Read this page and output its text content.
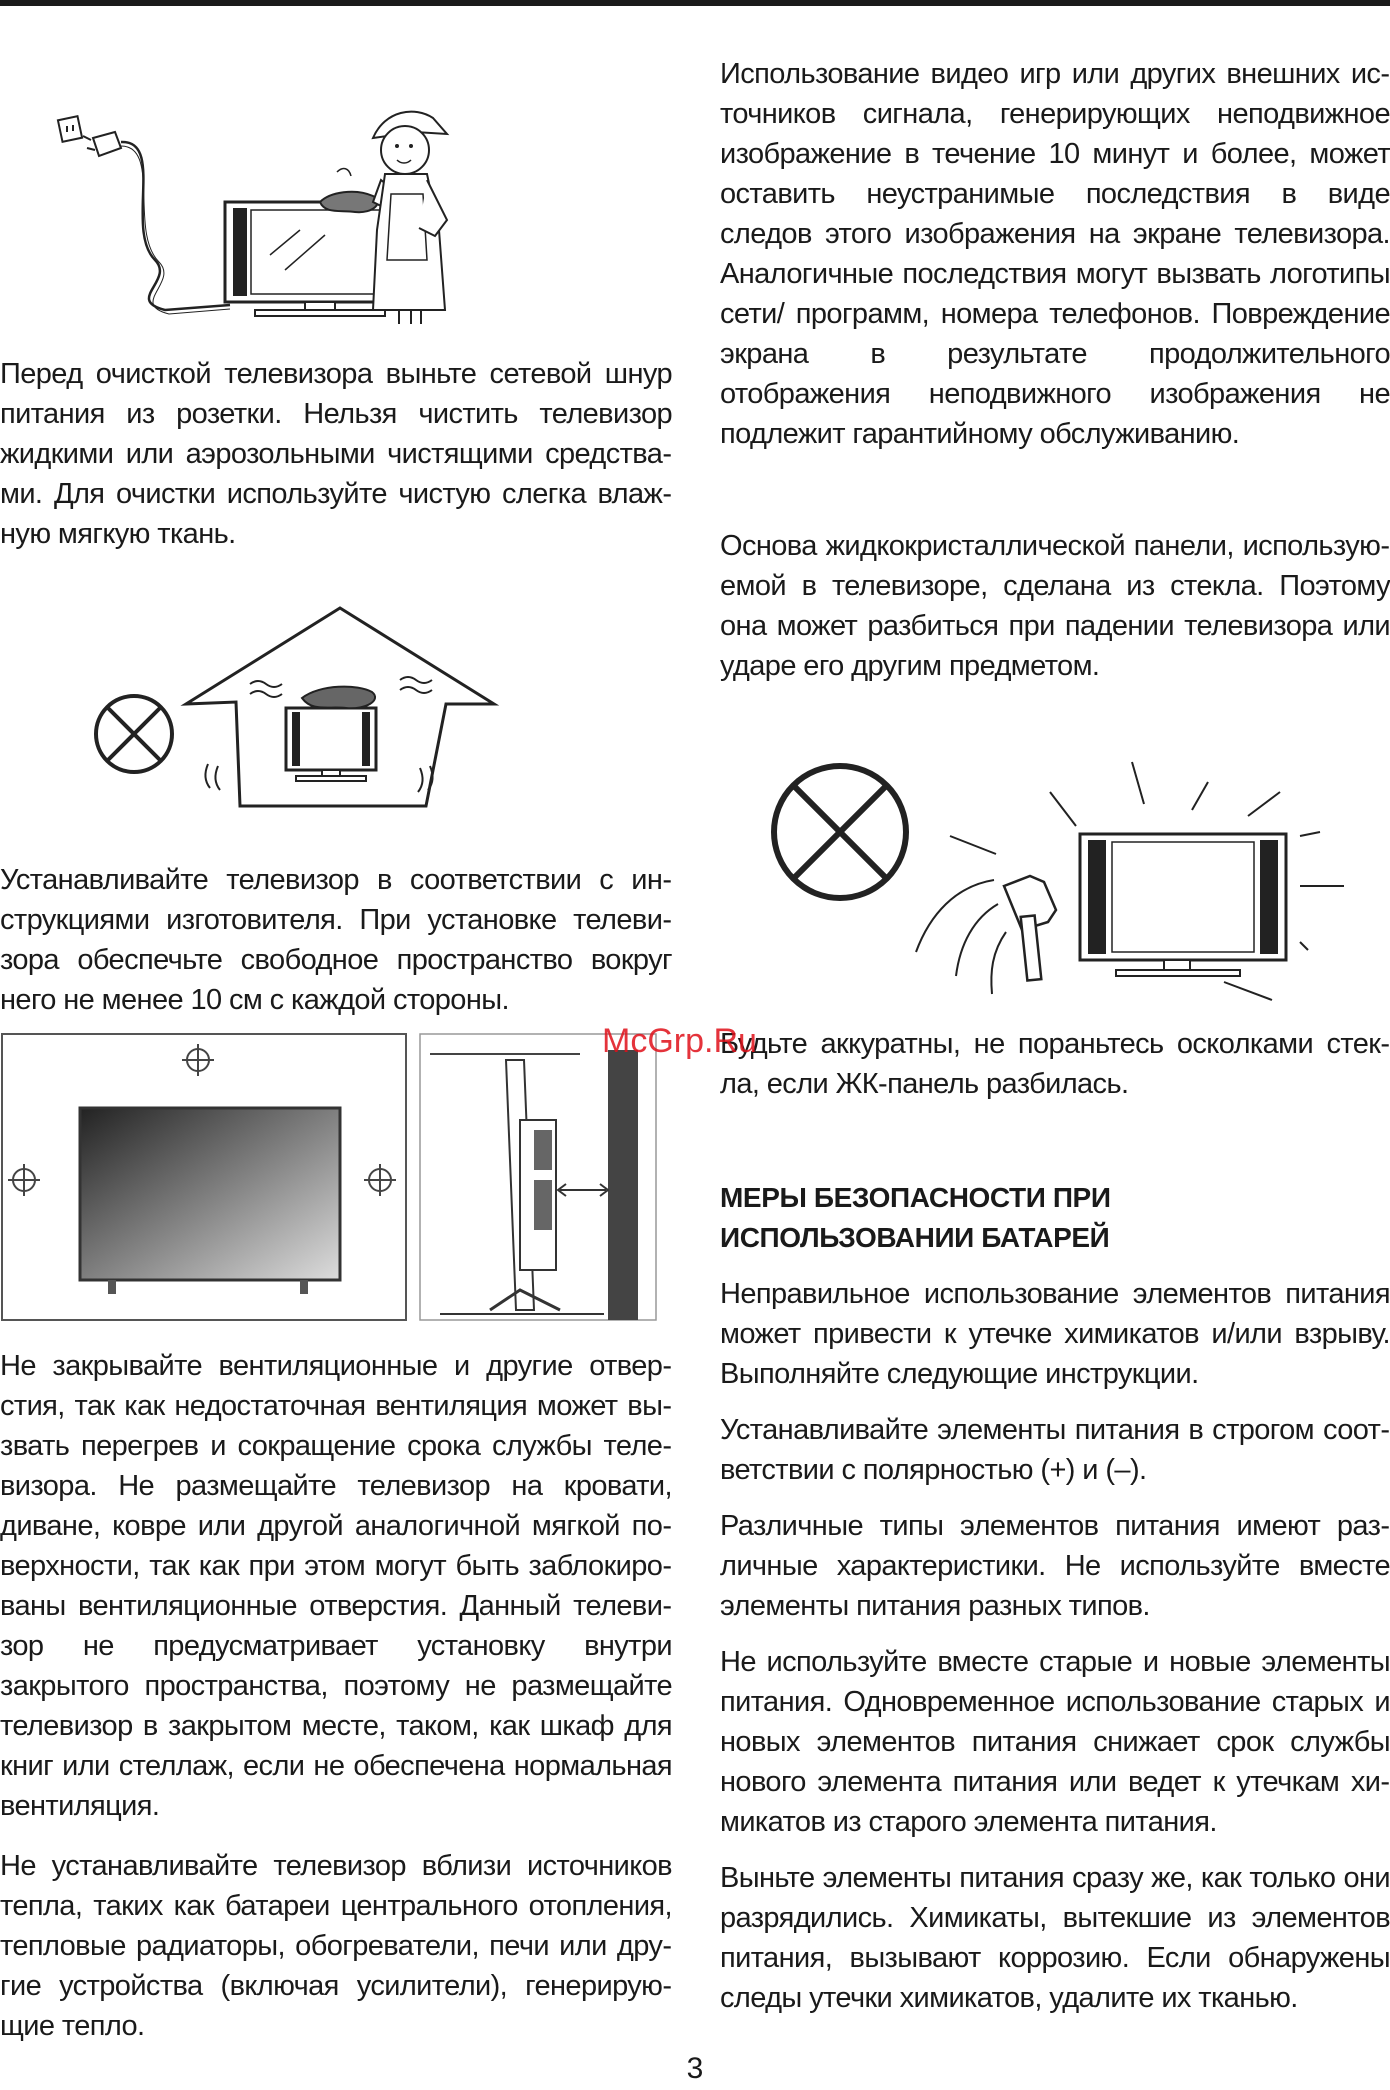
Перед очисткой телевизора выньте сетевой шнур питания из розетки. Нельзя чистить телевизор жидкими или аэрозольными чистящими средствами. Для очистки используйте чистую слегка влажную мягкую ткань.

Устанавливайте телевизор в соответствии с инструкциями изготовителя. При установке телевизора обеспечьте свободное пространство вокруг него не менее 10 см с каждой стороны.

Не закрывайте вентиляционные и другие отверстия, так как недостаточная вентиляция может вызвать перегрев и сокращение срока службы телевизора. Не размещайте телевизор на кровати, диване, ковре или другой аналогичной мягкой поверхности, так как при этом могут быть заблокированы вентиляционные отверстия. Данный телевизор не предусматривает установку внутри закрытого пространства, поэтому не размещайте телевизор в закрытом месте, таком, как шкаф для книг или стеллаж, если не обеспечена нормальная вентиляция.

Не устанавливайте телевизор вблизи источников тепла, таких как батареи центрального отопления, тепловые радиаторы, обогреватели, печи или другие устройства (включая усилители), генерирующие тепло.

Использование видео игр или других внешних источников сигнала, генерирующих неподвижное изображение в течение 10 минут и более, может оставить неустранимые последствия в виде следов этого изображения на экране телевизора. Аналогичные последствия могут вызвать логотипы сети/ программ, номера телефонов. Повреждение экрана в результате продолжительного отображения неподвижного изображения не подлежит гарантийному обслуживанию.

Основа жидкокристаллической панели, используюемой в телевизоре, сделана из стекла. Поэтому она может разбиться при падении телевизора или ударе его другим предметом.

Будьте аккуратны, не пораньтесь осколками стекла, если ЖК-панель разбилась.

McGrp.Ru
МЕРЫ БЕЗОПАСНОСТИ ПРИ ИСПОЛЬЗОВАНИИ БАТАРЕЙ

Неправильное использование элементов питания может привести к утечке химикатов и/или взрыву. Выполняйте следующие инструкции.

Устанавливайте элементы питания в строгом соответствии с полярностью (+) и (–).

Различные типы элементов питания имеют различные характеристики. Не используйте вместе элементы питания разных типов.

Не используйте вместе старые и новые элементы питания. Одновременное использование старых и новых элементов питания снижает срок службы нового элемента питания или ведет к утечкам химикатов из старого элемента питания.

Выньте элементы питания сразу же, как только они разрядились. Химикаты, вытекшие из элементов питания, вызывают коррозию. Если обнаружены следы утечки химикатов, удалите их тканью.

3
